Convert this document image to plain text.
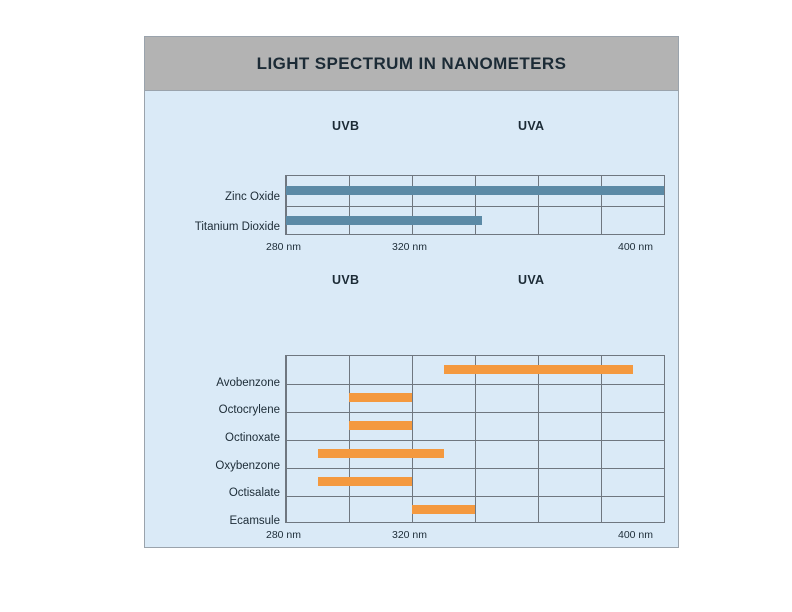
LIGHT SPECTRUM IN NANOMETERS
UVB	UVA
Zinc Oxide
Titanium Dioxide
280 nm	320 nm	400 nm
UVB	UVA
Avobenzone
Octocrylene
Octinoxate
Oxybenzone
Octisalate
Ecamsule
280 nm	320 nm	400 nm
